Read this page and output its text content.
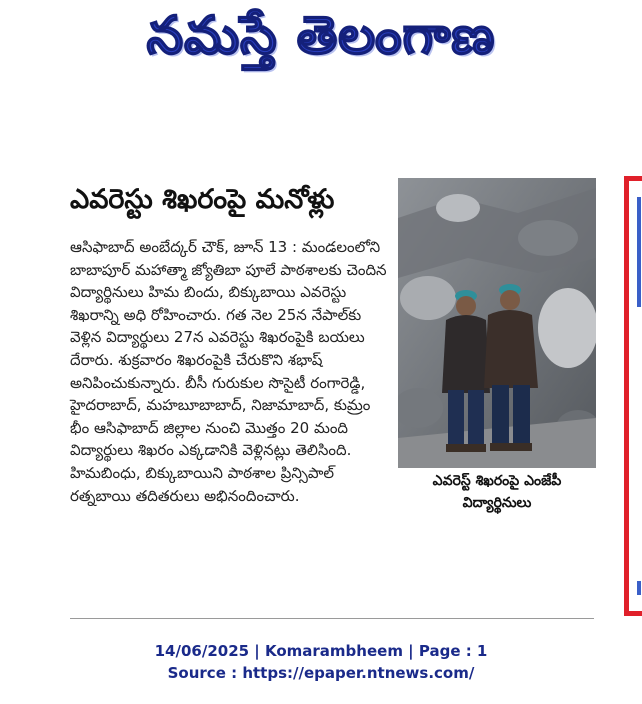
నమస్తే తెలంగాణ
ఎవరెస్టు శిఖరంపై మనోళ్లు
ఎవరెస్ట్ శిఖరంపై ఎంజేపీ విద్యార్థినులు
ఆసిఫాబాద్ అంబేద్కర్ చౌక్, జూన్ 13 : మండలంలోని బాబాపూర్ మహాత్మా జ్యోతిబా పూలే పాఠశాలకు చెందిన విద్యార్థినులు హిమ బిందు, బిక్కుబాయి ఎవరెస్టు శిఖరాన్ని అధి రోహించారు. గత నెల 25న నేపాల్‌కు వెళ్లిన విద్యార్థులు 27న ఎవరెస్టు శిఖరంపైకి బయలు దేరారు. శుక్రవారం శిఖరంపైకి చేరుకొని శభాష్ అనిపించుకున్నారు. బీసీ గురుకుల సొసైటీ రంగారెడ్డి, హైదరాబాద్, మహబూబాబాద్, నిజామాబాద్, కుమ్రం భీం ఆసిఫాబాద్ జిల్లాల నుంచి మొత్తం 20 మంది విద్యార్థులు శిఖరం ఎక్కడానికి వెళ్లినట్లు తెలిసింది. హిమబింధు, బిక్కుబాయిని పాఠశాల ప్రిన్సిపాల్ రత్నబాయి తదితరులు అభినందించారు.
14/06/2025 | Komarambheem | Page : 1
Source : https://epaper.ntnews.com/
